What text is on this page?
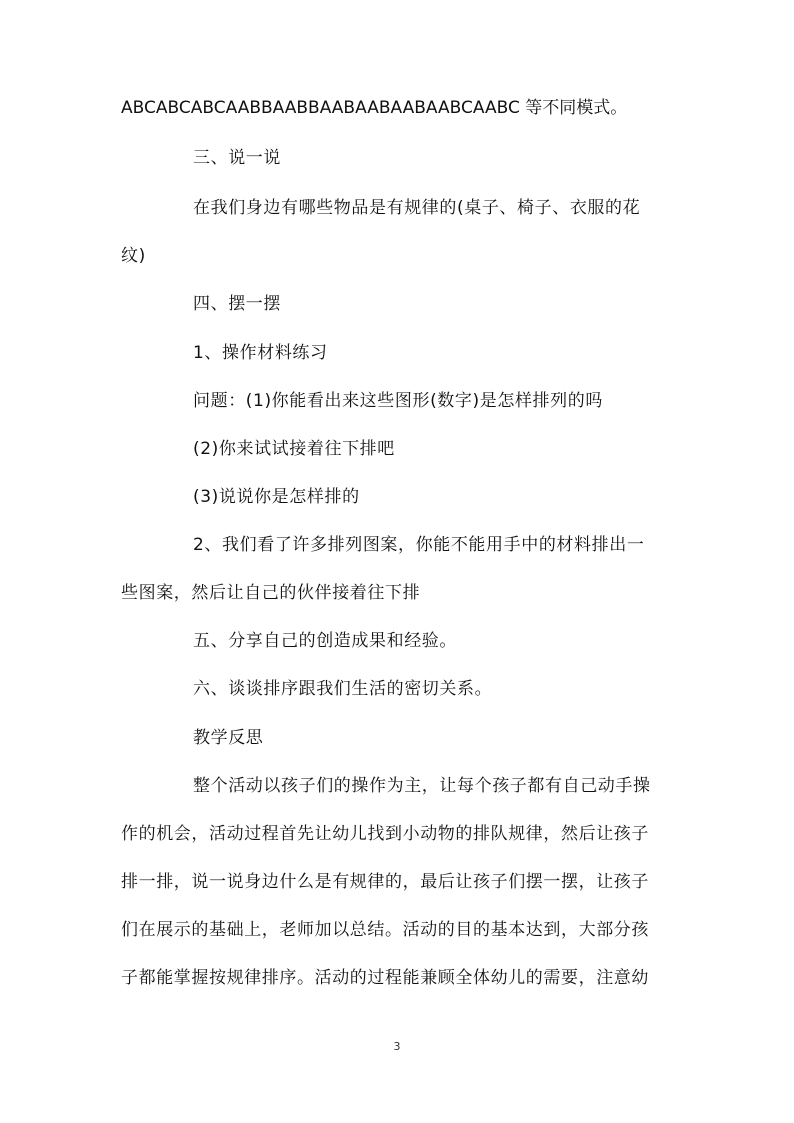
ABCABCABCAABBAABBAABAABAABAABCAABC 等不同模式。
三、说一说
在我们身边有哪些物品是有规律的(桌子、椅子、衣服的花
纹)
四、摆一摆
1、操作材料练习
问题：(1)你能看出来这些图形(数字)是怎样排列的吗
(2)你来试试接着往下排吧
(3)说说你是怎样排的
2、我们看了许多排列图案，你能不能用手中的材料排出一
些图案，然后让自己的伙伴接着往下排
五、分享自己的创造成果和经验。
六、谈谈排序跟我们生活的密切关系。
教学反思
整个活动以孩子们的操作为主，让每个孩子都有自己动手操
作的机会，活动过程首先让幼儿找到小动物的排队规律，然后让孩子
排一排，说一说身边什么是有规律的，最后让孩子们摆一摆，让孩子
们在展示的基础上，老师加以总结。活动的目的基本达到，大部分孩
子都能掌握按规律排序。活动的过程能兼顾全体幼儿的需要，注意幼
3
